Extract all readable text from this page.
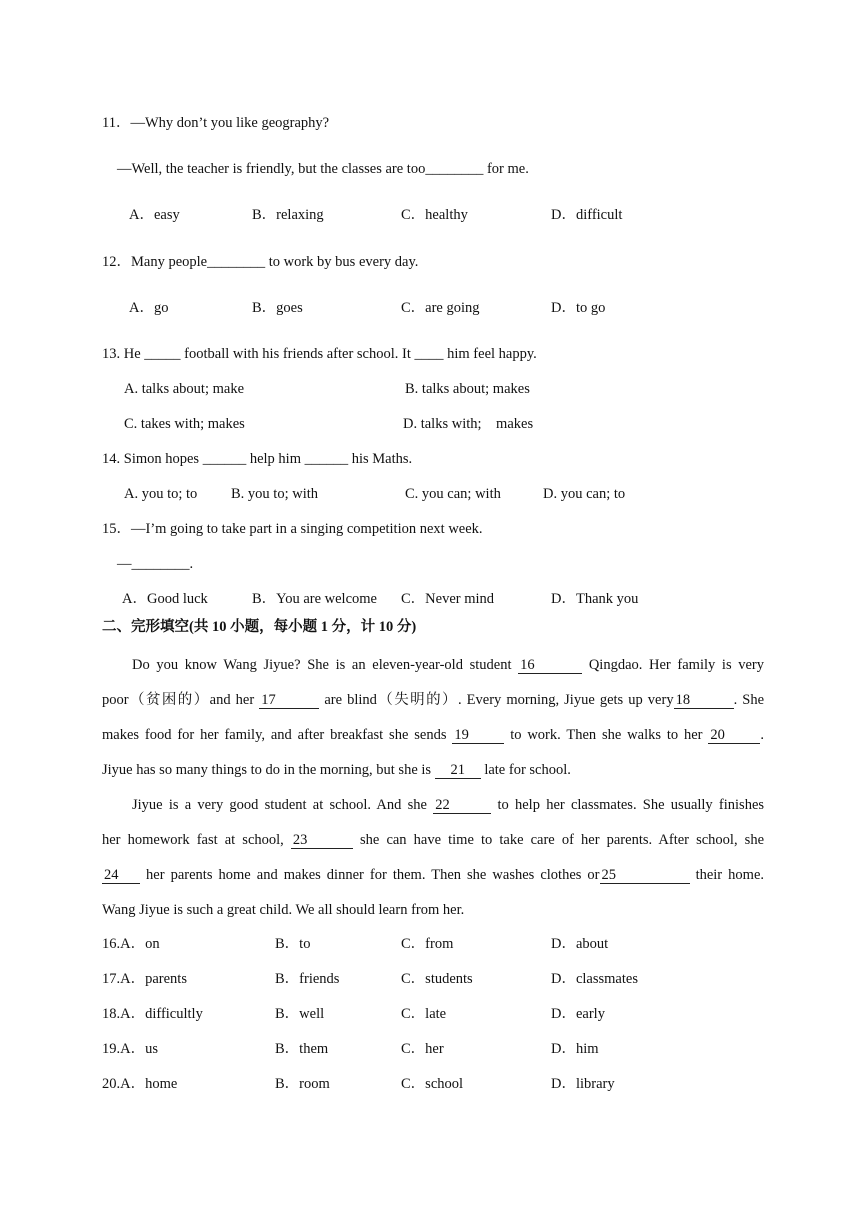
11．—Why don’t you like geography?
—Well, the teacher is friendly, but the classes are too________ for me.
A．easy	B．relaxing	C．healthy	D．difficult
12．Many people________ to work by bus every day.
A．go	B．goes	C．are going	D．to go
13. He _____ football with his friends after school. It ____ him feel happy.
A. talks about; make	B. talks about; makes
C. takes with; makes	D. talks with;    makes
14. Simon hopes ______ help him ______ his Maths.
A. you to; to B. you to; with	C. you can; with	D. you can; to
15．—I’m going to take part in a singing competition next week.
—________.
A．Good luck	B．You are welcome C．Never mind	D．Thank you
二、完形填空(共 10 小题，每小题 1 分，计 10 分)
Do you know Wang Jiyue? She is an eleven-year-old student 16	Qingdao. Her family is very
poor（贫困的）and her 17	are blind（失明的）. Every morning, Jiyue gets up very 18	. She
makes food for her family, and after breakfast she sends 19	to work. Then she walks to her 20 .
Jiyue has so many things to do in the morning, but she is 21 late for school.
Jiyue is a very good student at school. And she 22	to help her classmates. She usually finishes
her homework fast at school, 23	she can have time to take care of her parents. After school, she
24 her parents home and makes dinner for them. Then she washes clothes or 25	their home.
Wang Jiyue is such a great child. We all should learn from her.
16.A．on	B．to	C．from	D．about
17.A．parents	B．friends	C．students	D．classmates
18.A．difficultly	B．well	C．late	D．early
19.A．us	B．them	C．her	D．him
20.A．home	B．room	C．school	D．library
